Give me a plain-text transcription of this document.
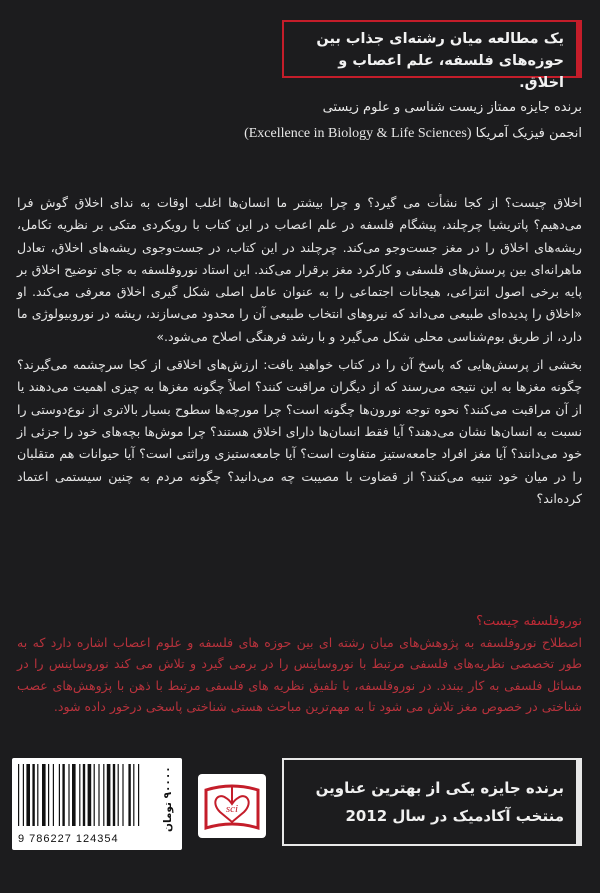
یک مطالعه میان رشته‌ای جذاب بین

حوزه‌های فلسفه، علم اعصاب و اخلاق.

برنده جایزه ممتاز زیست شناسی و علوم زیستی
انجمن فیزیک آمریکا (Excellence in Biology & Life Sciences)

اخلاق چیست؟ از کجا نشأت می گیرد؟ و چرا بیشتر ما انسان‌ها اغلب اوقات به ندای اخلاق گوش فرا می‌دهیم؟ پاتریشیا چرچلند، پیشگام فلسفه در علم اعصاب در این کتاب با رویکردی متکی بر نظریه تکامل، ریشه‌های اخلاق را در مغز جست‌وجو می‌کند. چرچلند در این کتاب، در جست‌وجوی ریشه‌های اخلاق، تعادل ماهرانه‌ای بین پرسش‌های فلسفی و کارکرد مغز برقرار می‌کند. این استاد نوروفلسفه به جای توضیح اخلاق بر پایه برخی اصول انتزاعی، هیجانات اجتماعی را به عنوان عامل اصلی شکل گیری اخلاق معرفی می‌کند. او «اخلاق را پدیده‌ای طبیعی می‌داند که نیروهای انتخاب طبیعی آن را محدود می‌سازند، ریشه در نوروبیولوژی ما دارد، از طریق بوم‌شناسی محلی شکل می‌گیرد و با رشد فرهنگی اصلاح می‌شود.»

بخشی از پرسش‌هایی که پاسخ آن را در کتاب خواهید یافت: ارزش‌های اخلاقی از کجا سرچشمه می‌گیرند؟ چگونه مغزها به این نتیجه می‌رسند که از دیگران مراقبت کنند؟ اصلاً چگونه مغزها به چیزی اهمیت می‌دهند یا از آن مراقبت می‌کنند؟ نحوه توجه نورون‌ها چگونه است؟ چرا مورچه‌ها سطوح بسیار بالاتری از نوع‌دوستی را نسبت به انسان‌ها نشان می‌دهند؟ آیا فقط انسان‌ها دارای اخلاق هستند؟ چرا موش‌ها بچه‌های خود را جزئی از خود می‌دانند؟ آیا مغز افراد جامعه‌ستیز متفاوت است؟ آیا جامعه‌ستیزی وراثتی است؟ آیا حیوانات هم متقلبان را در میان خود تنبیه می‌کنند؟ از قضاوت با مصیبت چه می‌دانید؟ چگونه مردم به چنین سیستمی اعتماد کرده‌اند؟

نوروفلسفه چیست؟

اصطلاح نوروفلسفه به پژوهش‌های میان رشته ای بین حوزه های فلسفه و علوم اعصاب اشاره دارد که به طور تخصصی نظریه‌های فلسفی مرتبط با نوروساینس را در برمی گیرد و تلاش می کند نوروساینس را در مسائل فلسفی به کار ببندد. در نوروفلسفه، با تلفیق نظریه های فلسفی مرتبط با ذهن با پژوهش‌های عصب شناختی در خصوص مغز تلاش می شود تا به مهم‌ترین مباحث هستی شناختی پاسخی درخور داده شود.

برنده جایزه یکی از بهترین عناوین
منتخب آکادمیک در سال 2012
sci
9 786227 124354
۹۰۰۰۰ تومان
